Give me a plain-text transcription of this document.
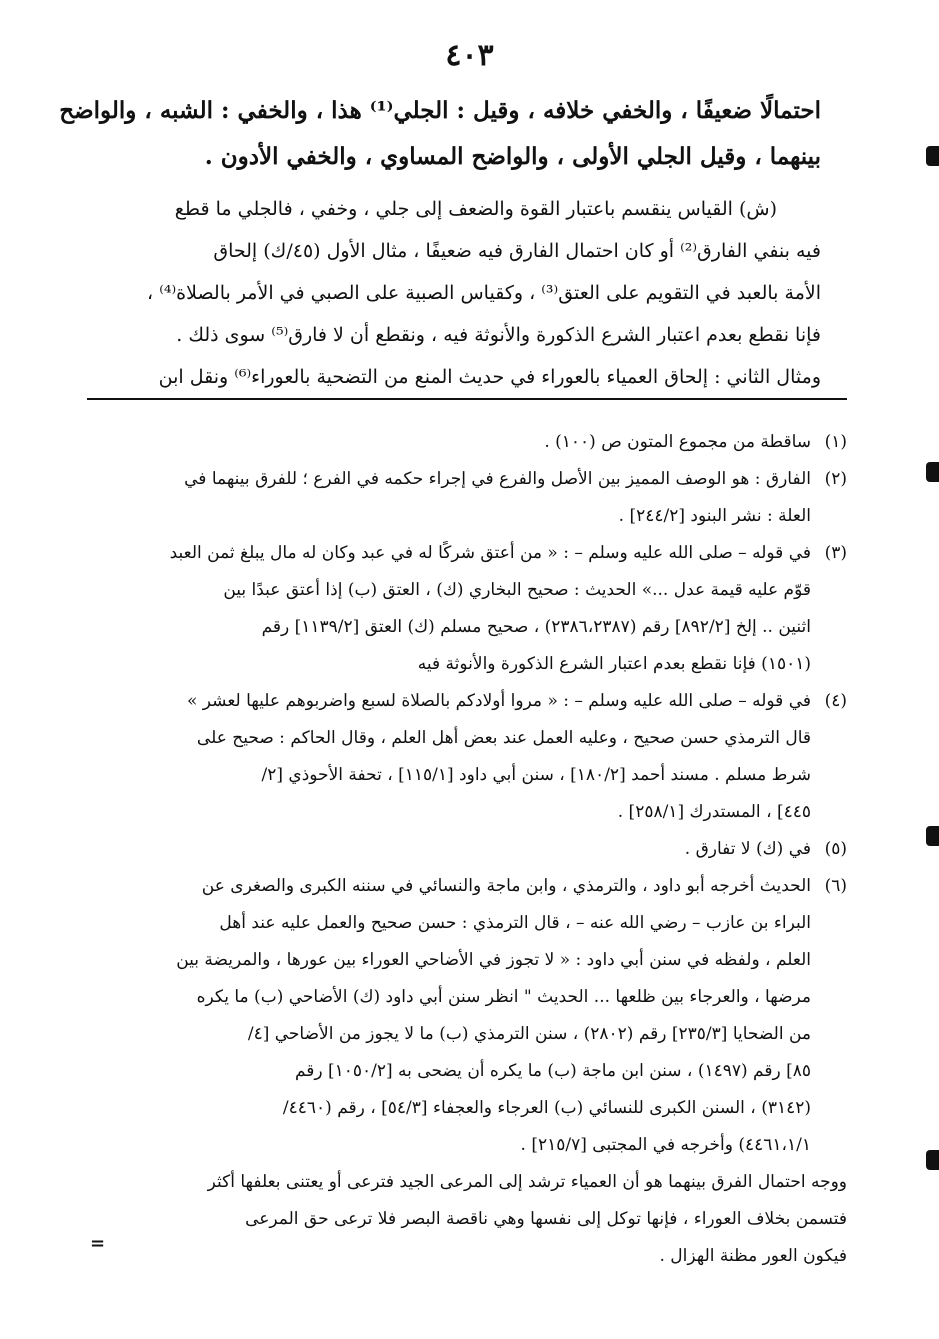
٤٠٣
احتمالًا ضعيفًا ، والخفي خلافه ، وقيل : الجلي⁽¹⁾ هذا ، والخفي : الشبه ، والواضح
بينهما ، وقيل الجلي الأولى ، والواضح المساوي ، والخفي الأدون .
(ش) القياس ينقسم باعتبار القوة والضعف إلى جلي ، وخفي ، فالجلي ما قطع
فيه بنفي الفارق⁽²⁾ أو كان احتمال الفارق فيه ضعيفًا ، مثال الأول (٤٥/ك) إلحاق
الأمة بالعبد في التقويم على العتق⁽³⁾ ، وكقياس الصبية على الصبي في الأمر بالصلاة⁽⁴⁾ ،
فإنا نقطع بعدم اعتبار الشرع الذكورة والأنوثة فيه ، ونقطع أن لا فارق⁽⁵⁾ سوى ذلك .
ومثال الثاني : إلحاق العمياء بالعوراء في حديث المنع من التضحية بالعوراء⁽⁶⁾ ونقل ابن
(١)
ساقطة من مجموع المتون ص (١٠٠) .
(٢)
الفارق : هو الوصف المميز بين الأصل والفرع في إجراء حكمه في الفرع ؛ للفرق بينهما في
العلة : نشر البنود [٢٤٤/٢] .
(٣)
في قوله – صلى الله عليه وسلم – : « من أعتق شركًا له في عبد وكان له مال يبلغ ثمن العبد
قوّم عليه قيمة عدل ...» الحديث : صحيح البخاري (ك) ، العتق (ب) إذا أعتق عبدًا بين
اثنين .. إلخ [٨٩٢/٢] رقم (٢٣٨٦،٢٣٨٧) ، صحيح مسلم (ك) العتق [١١٣٩/٢] رقم
(١٥٠١) فإنا نقطع بعدم اعتبار الشرع الذكورة والأنوثة فيه
(٤)
في قوله – صلى الله عليه وسلم – : « مروا أولادكم بالصلاة لسبع واضربوهم عليها لعشر »
قال الترمذي حسن صحيح ، وعليه العمل عند بعض أهل العلم ، وقال الحاكم : صحيح على
شرط مسلم . مسند أحمد [١٨٠/٢] ، سنن أبي داود [١١٥/١] ، تحفة الأحوذي [٢/
٤٤٥] ، المستدرك [٢٥٨/١] .
(٥)
في (ك) لا تفارق .
(٦)
الحديث أخرجه أبو داود ، والترمذي ، وابن ماجة والنسائي في سننه الكبرى والصغرى عن
البراء بن عازب – رضي الله عنه – ، قال الترمذي : حسن صحيح والعمل عليه عند أهل
العلم ، ولفظه في سنن أبي داود : « لا تجوز في الأضاحي العوراء بين عورها ، والمريضة بين
مرضها ، والعرجاء بين ظلعها ... الحديث " انظر سنن أبي داود (ك) الأضاحي (ب) ما يكره
من الضحايا [٢٣٥/٣] رقم (٢٨٠٢) ، سنن الترمذي (ب) ما لا يجوز من الأضاحي [٤/
٨٥] رقم (١٤٩٧) ، سنن ابن ماجة (ب) ما يكره أن يضحى به [١٠٥٠/٢] رقم
(٣١٤٢) ، السنن الكبرى للنسائي (ب) العرجاء والعجفاء [٥٤/٣] ، رقم (٤٤٦٠/
٤٤٦١،١/١) وأخرجه في المجتبى [٢١٥/٧] .
ووجه احتمال الفرق بينهما هو أن العمياء ترشد إلى المرعى الجيد فترعى أو يعتنى بعلفها أكثر
فتسمن بخلاف العوراء ، فإنها توكل إلى نفسها وهي ناقصة البصر فلا ترعى حق المرعى
فيكون العور مظنة الهزال .
=
